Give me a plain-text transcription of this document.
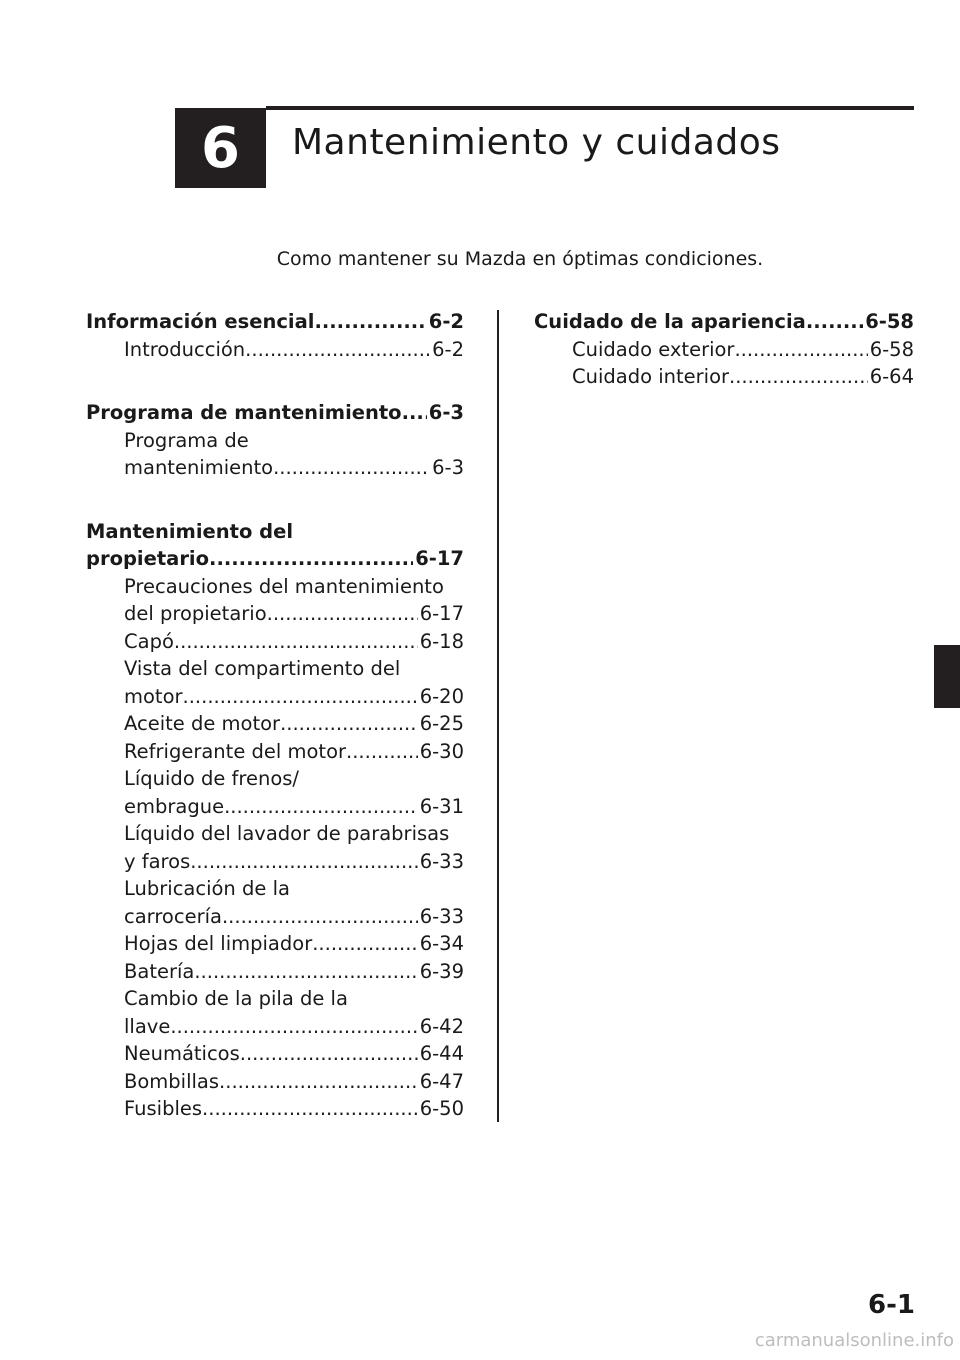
6 Mantenimiento y cuidados
Como mantener su Mazda en óptimas condiciones.
Información esencial .....	6-2
Introducción .....	6-2
Programa de mantenimiento ..... 6-3
Programa de
mantenimiento .....	6-3
Mantenimiento del
propietario .....	6-17
Precauciones del mantenimiento
del propietario .....	6-17
Capó .....	6-18
Vista del compartimento del
motor .....	6-20
Aceite de motor .....	6-25
Refrigerante del motor .....	6-30
Líquido de frenos/
embrague .....	6-31
Líquido del lavador de parabrisas
y faros .....	6-33
Lubricación de la
carrocería .....	6-33
Hojas del limpiador .....	6-34
Batería .....	6-39
Cambio de la pila de la
llave .....	6-42
Neumáticos .....	6-44
Bombillas .....	6-47
Fusibles .....	6-50
Cuidado de la apariencia .....	6-58
Cuidado exterior .....	6-58
Cuidado interior .....	6-64
6-1
carmanualsonline.info
